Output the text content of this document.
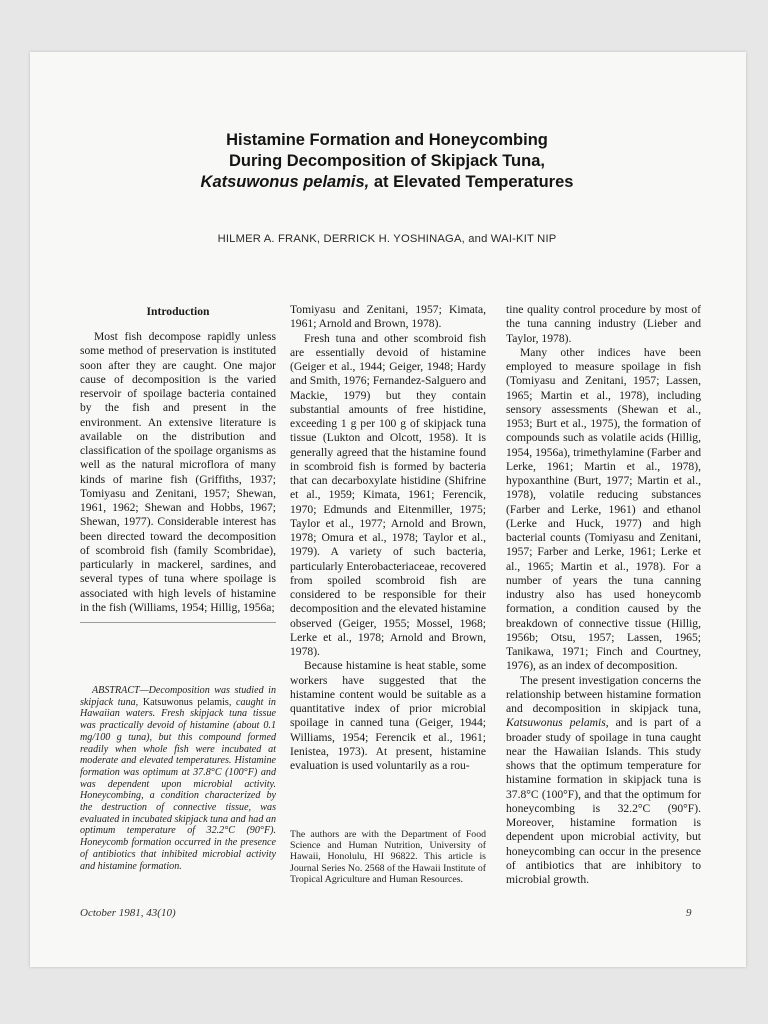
Histamine Formation and Honeycombing
During Decomposition of Skipjack Tuna,
Katsuwonus pelamis, at Elevated Temperatures
HILMER A. FRANK, DERRICK H. YOSHINAGA, and WAI-KIT NIP
Introduction

Most fish decompose rapidly unless some method of preservation is instituted soon after they are caught. One major cause of decomposition is the varied reservoir of spoilage bacteria contained by the fish and present in the environment. An extensive literature is available on the distribution and classification of the spoilage organisms as well as the natural microflora of many kinds of marine fish (Griffiths, 1937; Tomiyasu and Zenitani, 1957; Shewan, 1961, 1962; Shewan and Hobbs, 1967; Shewan, 1977). Considerable interest has been directed toward the decomposition of scombroid fish (family Scombridae), particularly in mackerel, sardines, and several types of tuna where spoilage is associated with high levels of histamine in the fish (Williams, 1954; Hillig, 1956a;

ABSTRACT—Decomposition was studied in skipjack tuna, Katsuwonus pelamis, caught in Hawaiian waters. Fresh skipjack tuna tissue was practically devoid of histamine (about 0.1 mg/100 g tuna), but this compound formed readily when whole fish were incubated at moderate and elevated temperatures. Histamine formation was optimum at 37.8°C (100°F) and was dependent upon microbial activity. Honeycombing, a condition characterized by the destruction of connective tissue, was evaluated in incubated skipjack tuna and had an optimum temperature of 32.2°C (90°F). Honeycomb formation occurred in the presence of antibiotics that inhibited microbial activity and histamine formation.

Tomiyasu and Zenitani, 1957; Kimata, 1961; Arnold and Brown, 1978).

Fresh tuna and other scombroid fish are essentially devoid of histamine (Geiger et al., 1944; Geiger, 1948; Hardy and Smith, 1976; Fernandez-Salguero and Mackie, 1979) but they contain substantial amounts of free histidine, exceeding 1 g per 100 g of skipjack tuna tissue (Lukton and Olcott, 1958). It is generally agreed that the histamine found in scombroid fish is formed by bacteria that can decarboxylate histidine (Shifrine et al., 1959; Kimata, 1961; Ferencik, 1970; Edmunds and Eitenmiller, 1975; Taylor et al., 1977; Arnold and Brown, 1978; Omura et al., 1978; Taylor et al., 1979). A variety of such bacteria, particularly Enterobacteriaceae, recovered from spoiled scombroid fish are considered to be responsible for their decomposition and the elevated histamine observed (Geiger, 1955; Mossel, 1968; Lerke et al., 1978; Arnold and Brown, 1978).

Because histamine is heat stable, some workers have suggested that the histamine content would be suitable as a quantitative index of prior microbial spoilage in canned tuna (Geiger, 1944; Williams, 1954; Ferencik et al., 1961; Ienistea, 1973). At present, histamine evaluation is used voluntarily as a rou-

The authors are with the Department of Food Science and Human Nutrition, University of Hawaii, Honolulu, HI 96822. This article is Journal Series No. 2568 of the Hawaii Institute of Tropical Agriculture and Human Resources.

tine quality control procedure by most of the tuna canning industry (Lieber and Taylor, 1978).

Many other indices have been employed to measure spoilage in fish (Tomiyasu and Zenitani, 1957; Lassen, 1965; Martin et al., 1978), including sensory assessments (Shewan et al., 1953; Burt et al., 1975), the formation of compounds such as volatile acids (Hillig, 1954, 1956a), trimethylamine (Farber and Lerke, 1961; Martin et al., 1978), hypoxanthine (Burt, 1977; Martin et al., 1978), volatile reducing substances (Farber and Lerke, 1961) and ethanol (Lerke and Huck, 1977) and high bacterial counts (Tomiyasu and Zenitani, 1957; Farber and Lerke, 1961; Lerke et al., 1965; Martin et al., 1978). For a number of years the tuna canning industry also has used honeycomb formation, a condition caused by the breakdown of connective tissue (Hillig, 1956b; Otsu, 1957; Lassen, 1965; Tanikawa, 1971; Finch and Courtney, 1976), as an index of decomposition.

The present investigation concerns the relationship between histamine formation and decomposition in skipjack tuna, Katsuwonus pelamis, and is part of a broader study of spoilage in tuna caught near the Hawaiian Islands. This study shows that the optimum temperature for histamine formation in skipjack tuna is 37.8°C (100°F), and that the optimum for honeycombing is 32.2°C (90°F). Moreover, histamine formation is dependent upon microbial activity, but honeycombing can occur in the presence of antibiotics that are inhibitory to microbial growth.

October 1981, 43(10)	9
